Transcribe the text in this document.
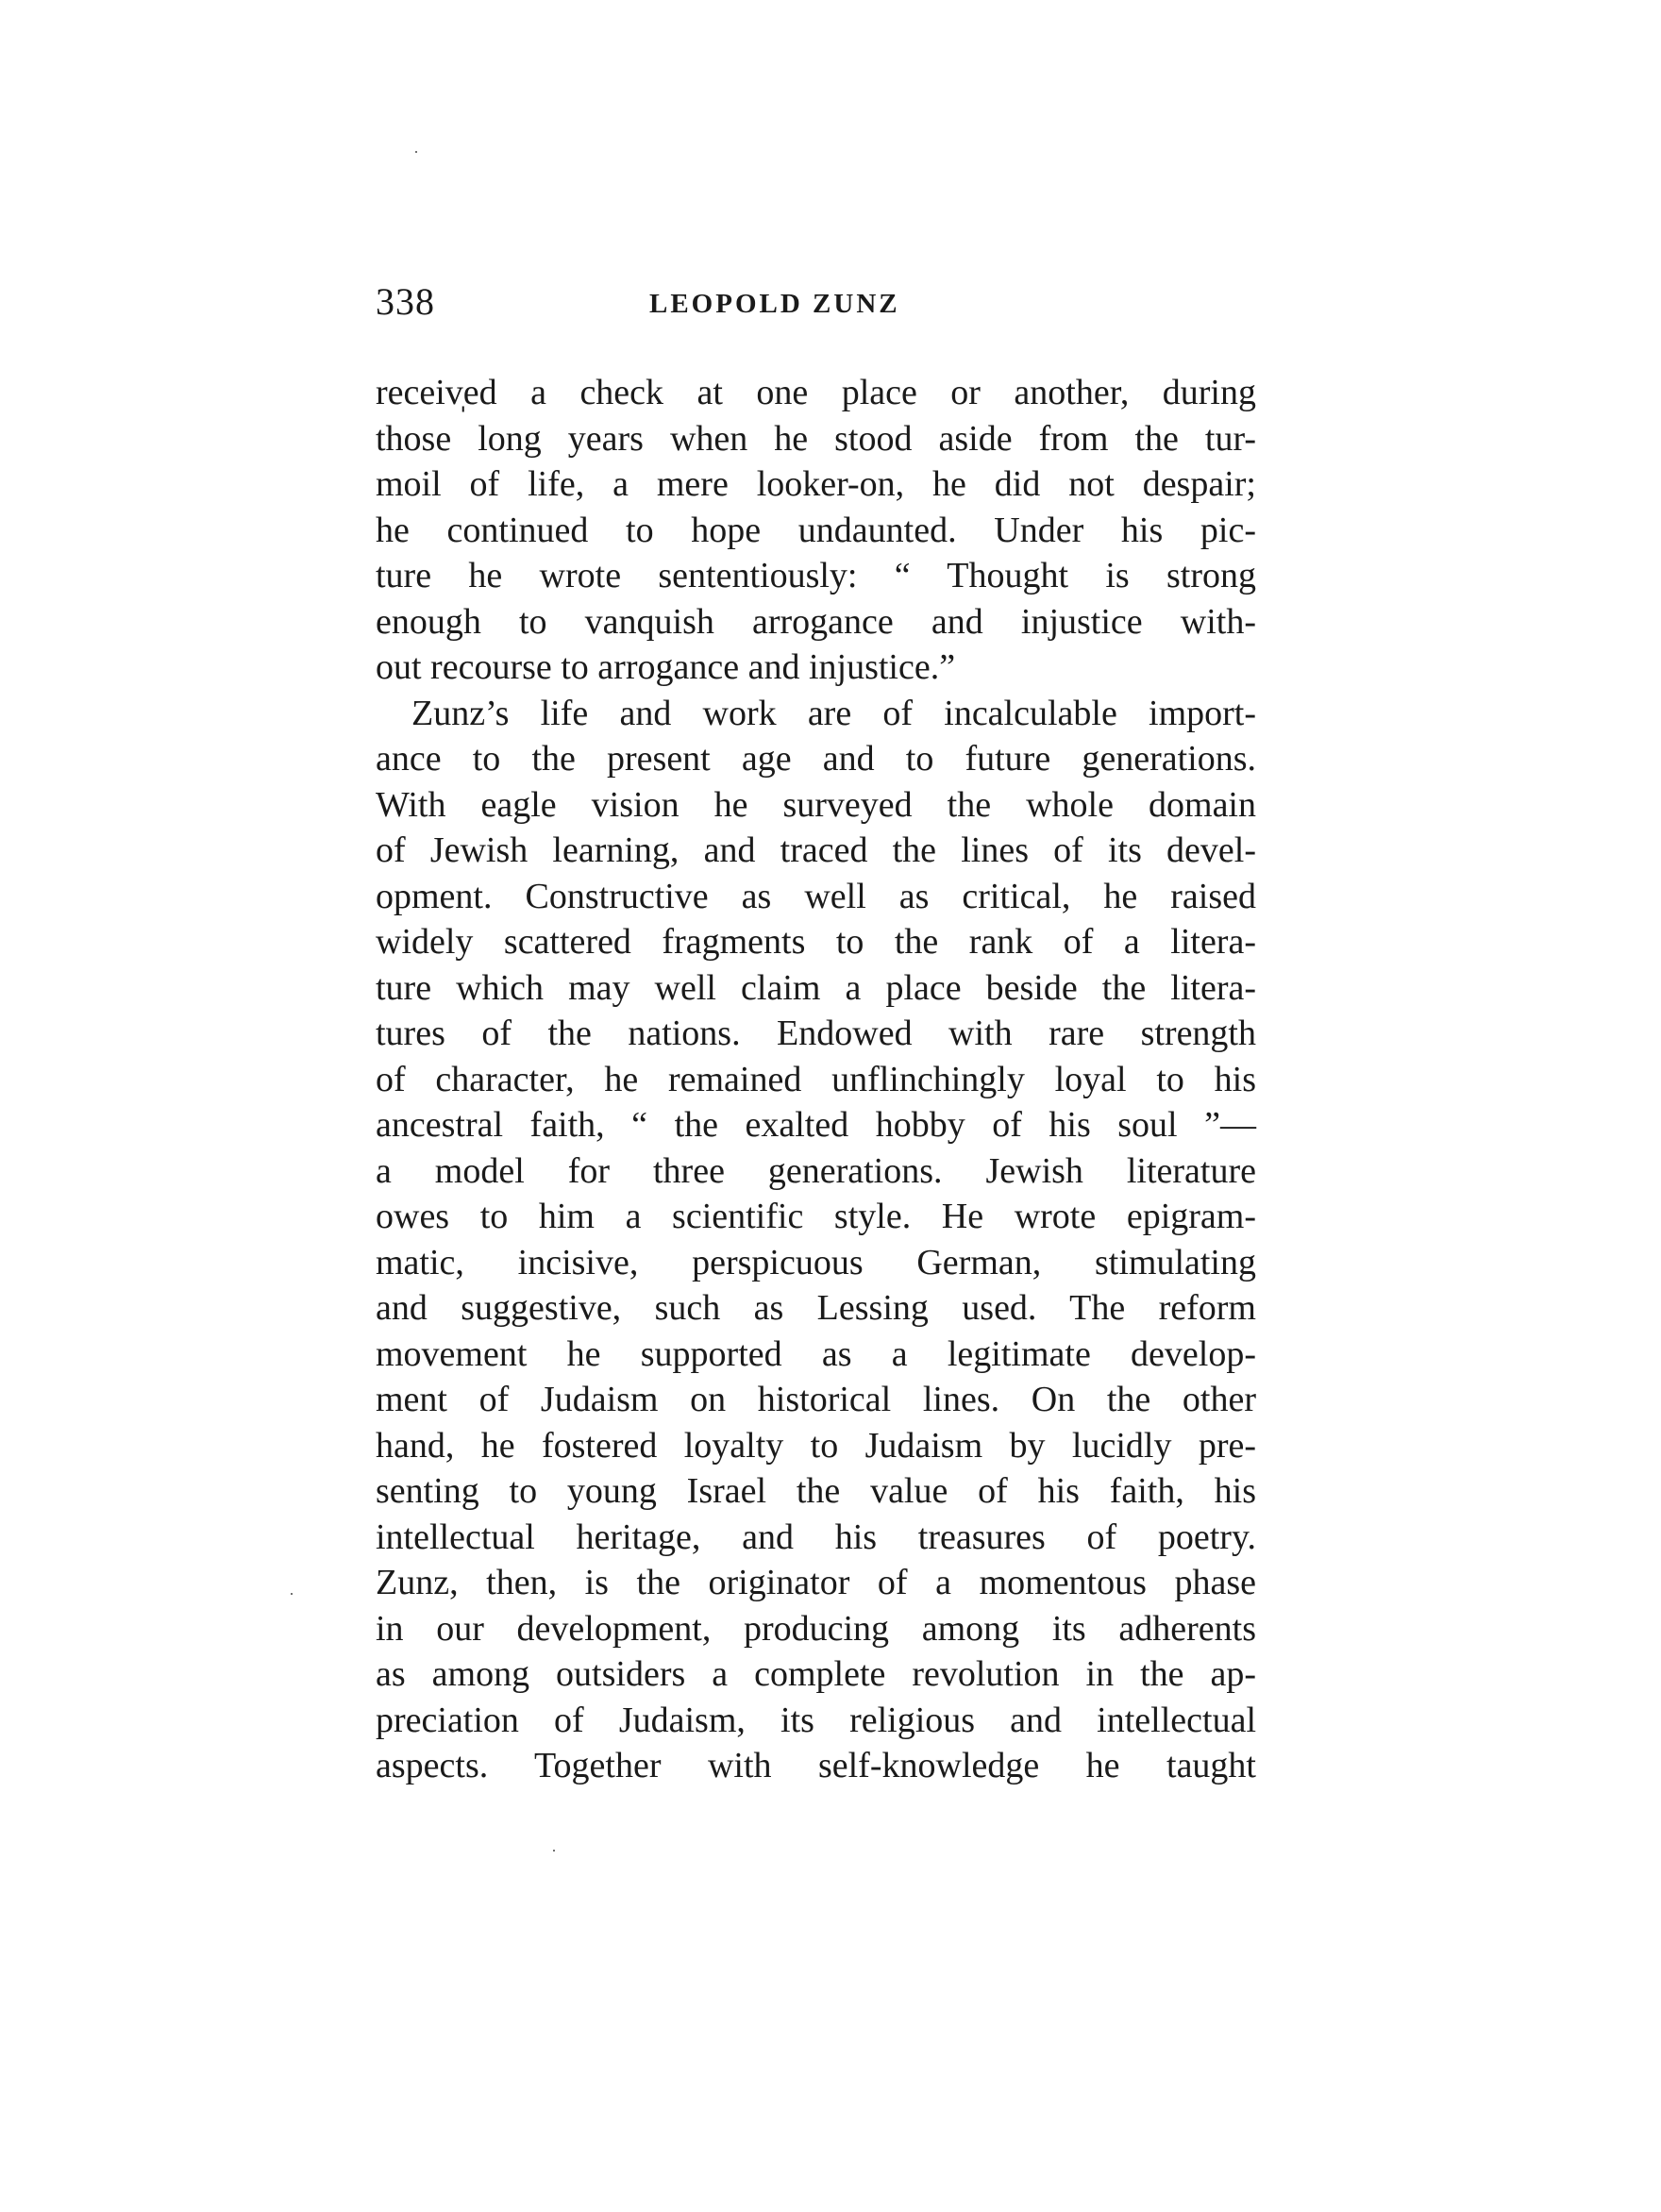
338	LEOPOLD ZUNZ
receiv̩ed a check at one place or another, during
those long years when he stood aside from the tur-
moil of life, a mere looker-on, he did not despair;
he continued to hope undaunted. Under his pic-
ture he wrote sententiously: “ Thought is strong
enough to vanquish arrogance and injustice with-
out recourse to arrogance and injustice.”
Zunz’s life and work are of incalculable import-
ance to the present age and to future generations.
With eagle vision he surveyed the whole domain
of Jewish learning, and traced the lines of its devel-
opment. Constructive as well as critical, he raised
widely scattered fragments to the rank of a litera-
ture which may well claim a place beside the litera-
tures of the nations. Endowed with rare strength
of character, he remained unflinchingly loyal to his
ancestral faith, “ the exalted hobby of his soul ”—
a model for three generations. Jewish literature
owes to him a scientific style. He wrote epigram-
matic, incisive, perspicuous German, stimulating
and suggestive, such as Lessing used. The reform
movement he supported as a legitimate develop-
ment of Judaism on historical lines. On the other
hand, he fostered loyalty to Judaism by lucidly pre-
senting to young Israel the value of his faith, his
intellectual heritage, and his treasures of poetry.
Zunz, then, is the originator of a momentous phase
in our development, producing among its adherents
as among outsiders a complete revolution in the ap-
preciation of Judaism, its religious and intellectual
aspects. Together with self-knowledge he taught
